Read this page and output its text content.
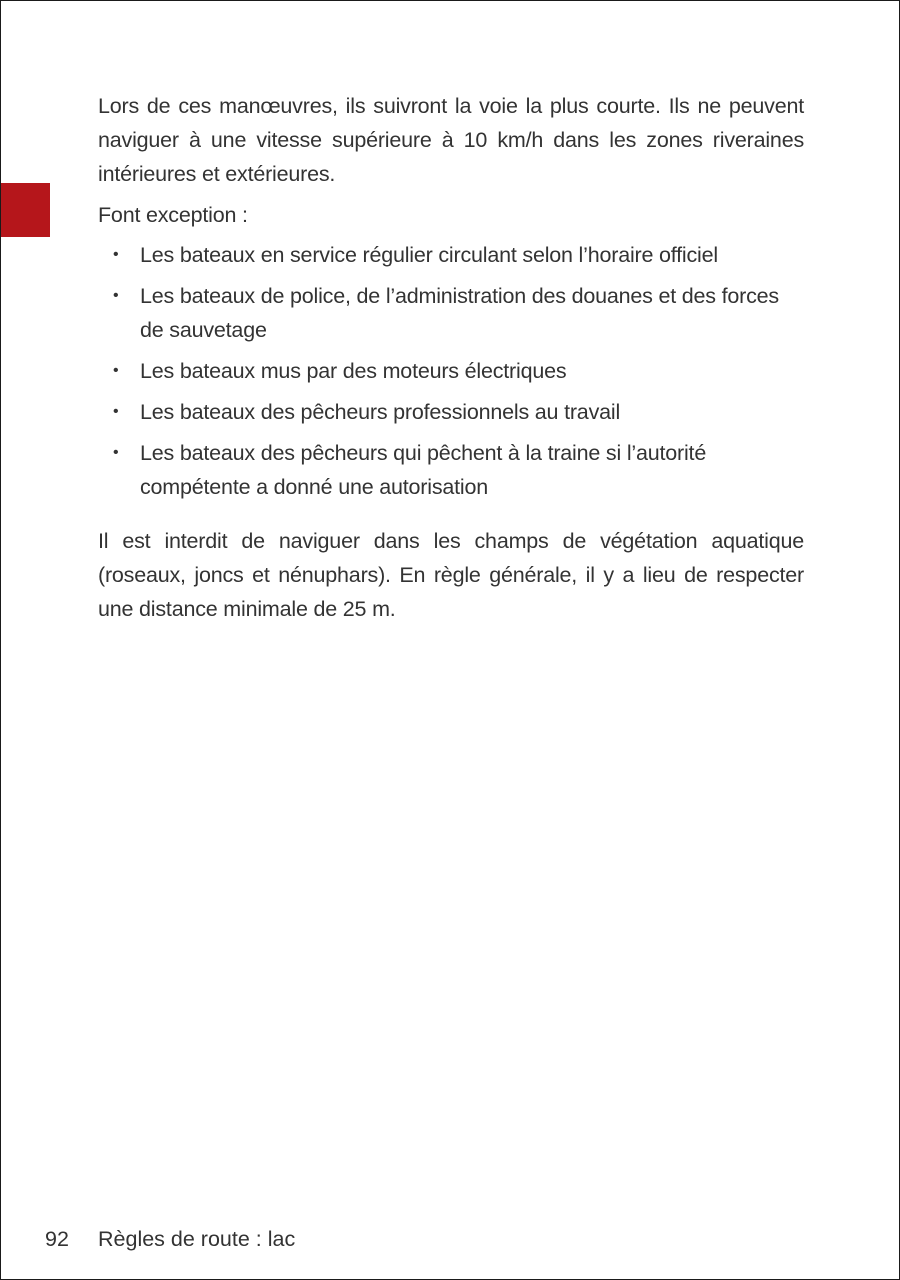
Lors de ces manœuvres, ils suivront la voie la plus courte. Ils ne peuvent naviguer à une vitesse supérieure à 10 km/h dans les zones riveraines intérieures et extérieures.

Font exception :

• Les bateaux en service régulier circulant selon l’horaire officiel
• Les bateaux de police, de l’administration des douanes et des forces de sauvetage
• Les bateaux mus par des moteurs électriques
• Les bateaux des pêcheurs professionnels au travail
• Les bateaux des pêcheurs qui pêchent à la traine si l’autorité compétente a donné une autorisation

Il est interdit de naviguer dans les champs de végétation aquatique (roseaux, joncs et nénuphars). En règle générale, il y a lieu de respecter une distance minimale de 25 m.

92 Règles de route : lac
